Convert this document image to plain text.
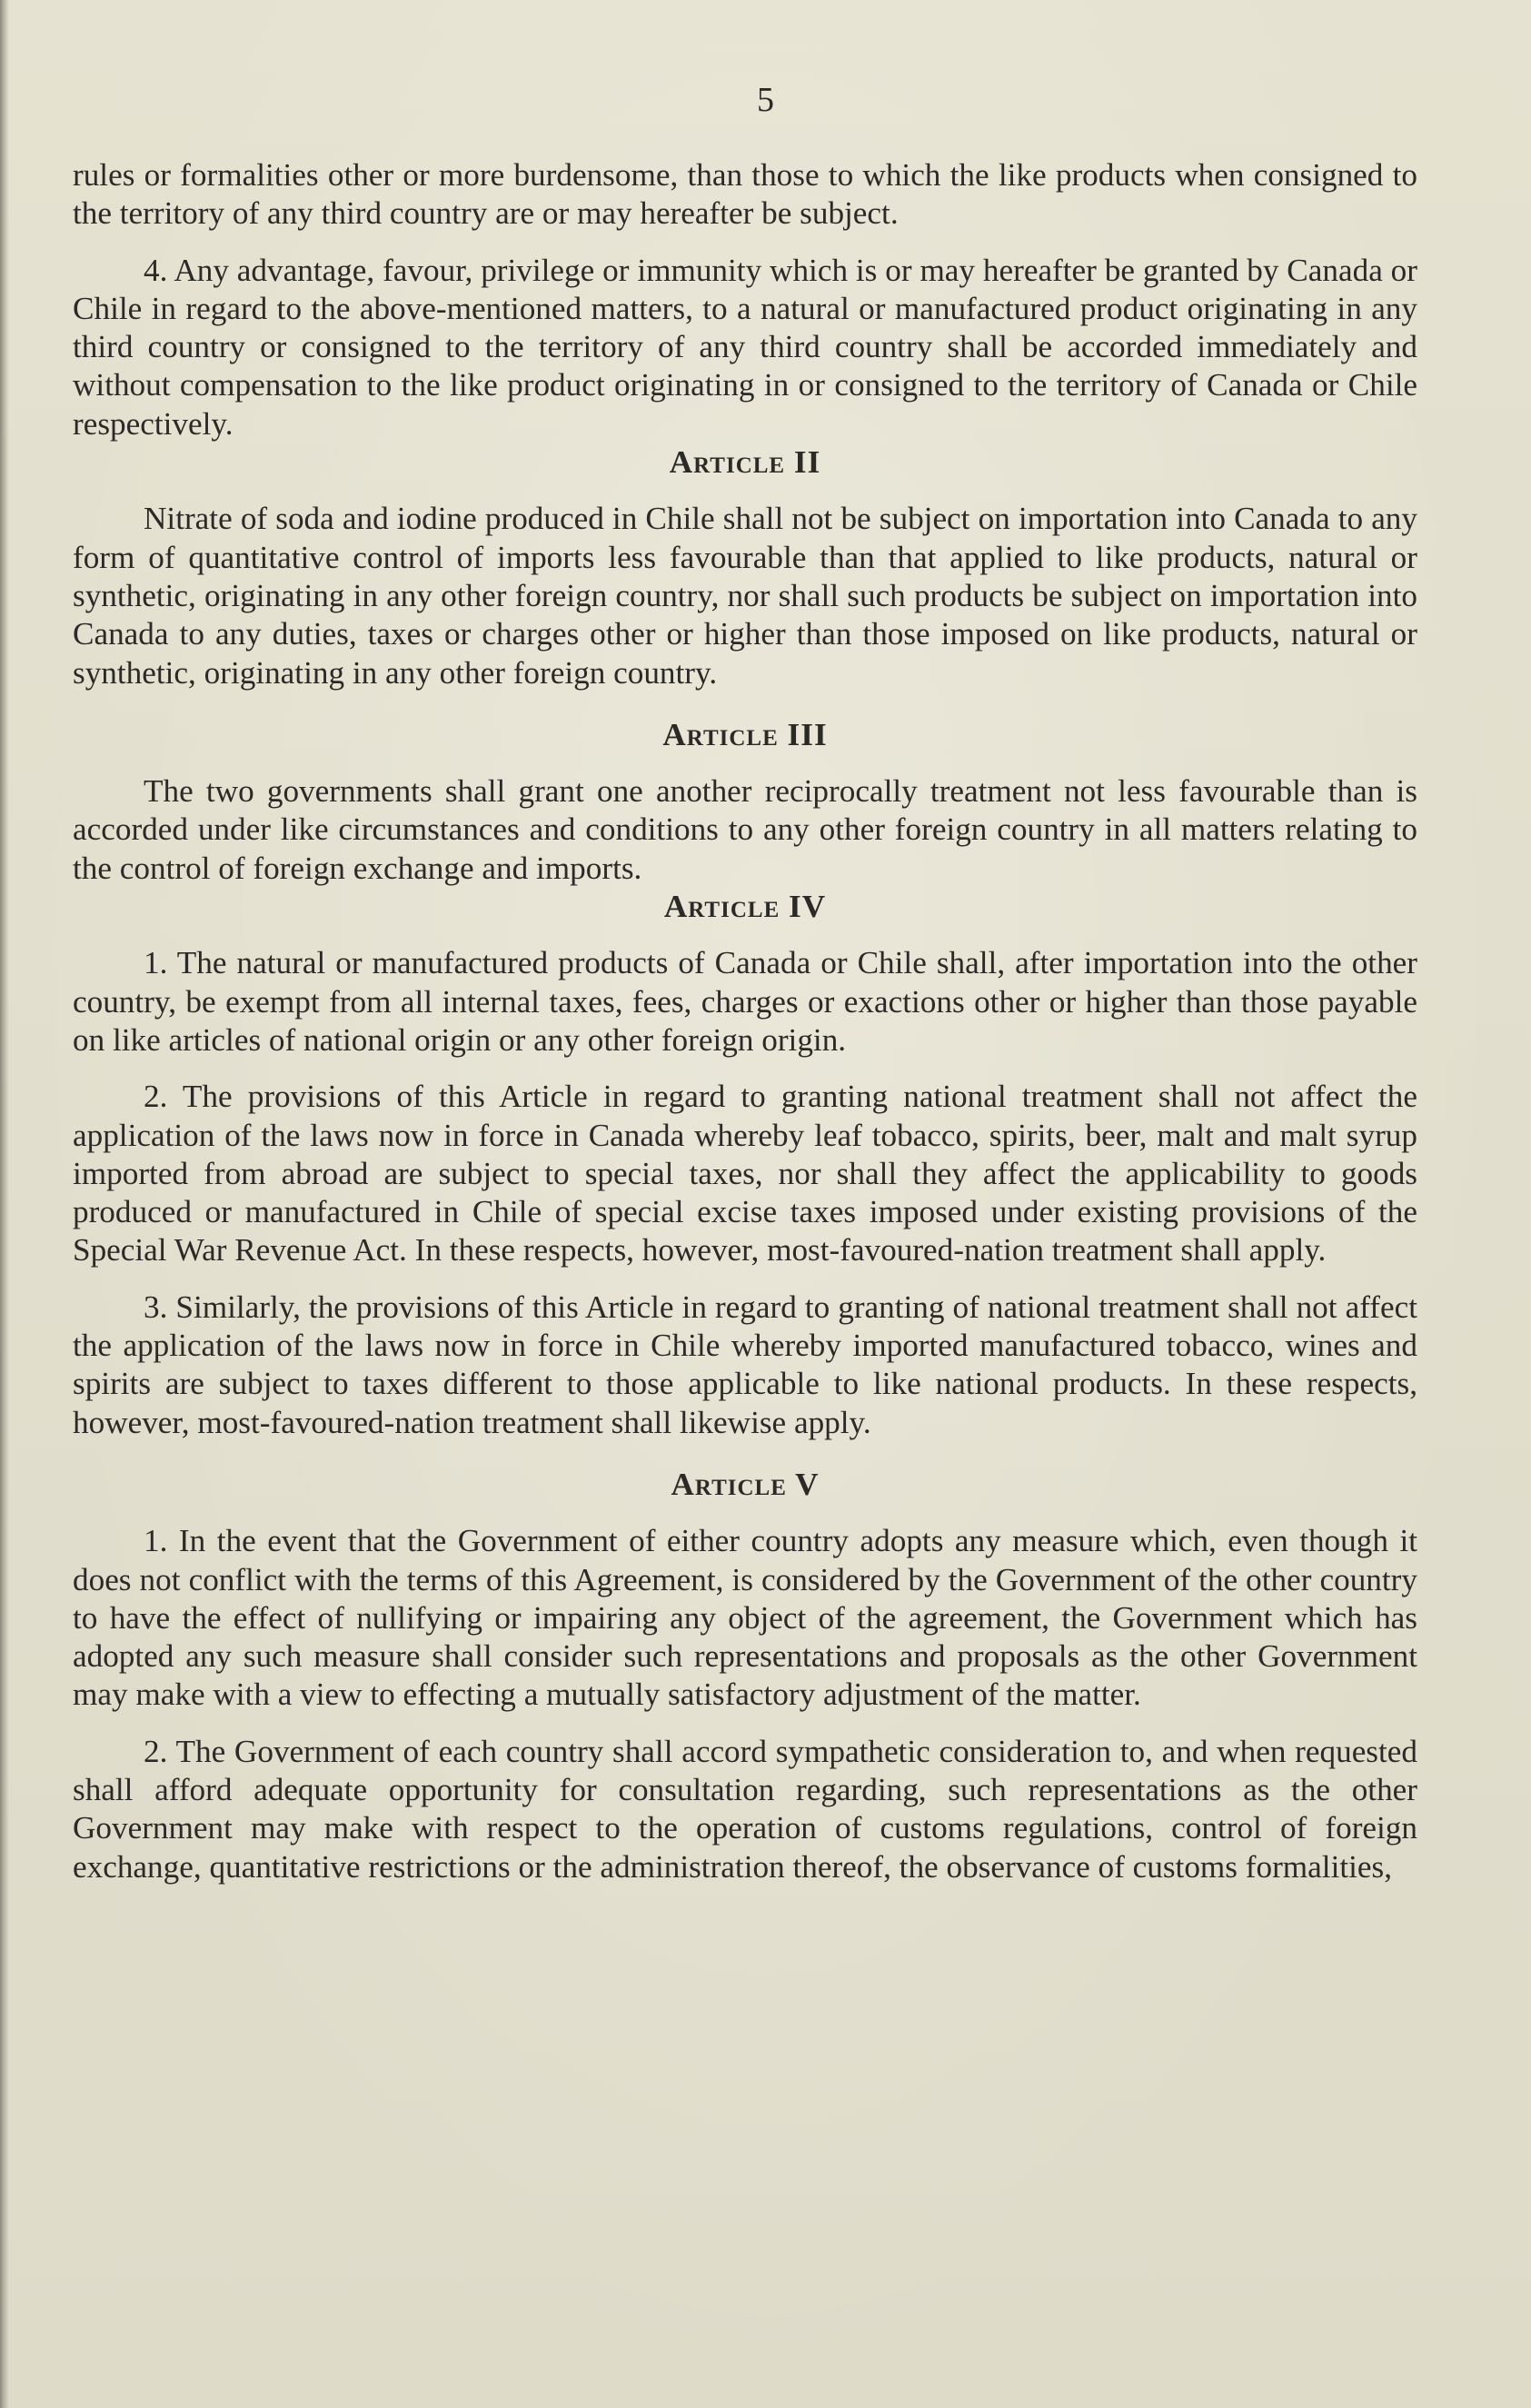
5

rules or formalities other or more burdensome, than those to which the like products when consigned to the territory of any third country are or may hereafter be subject.

4. Any advantage, favour, privilege or immunity which is or may hereafter be granted by Canada or Chile in regard to the above-mentioned matters, to a natural or manufactured product originating in any third country or consigned to the territory of any third country shall be accorded immediately and without compensation to the like product originating in or consigned to the territory of Canada or Chile respectively.

Article II

Nitrate of soda and iodine produced in Chile shall not be subject on importation into Canada to any form of quantitative control of imports less favourable than that applied to like products, natural or synthetic, originating in any other foreign country, nor shall such products be subject on importation into Canada to any duties, taxes or charges other or higher than those imposed on like products, natural or synthetic, originating in any other foreign country.

Article III

The two governments shall grant one another reciprocally treatment not less favourable than is accorded under like circumstances and conditions to any other foreign country in all matters relating to the control of foreign exchange and imports.

Article IV

1. The natural or manufactured products of Canada or Chile shall, after importation into the other country, be exempt from all internal taxes, fees, charges or exactions other or higher than those payable on like articles of national origin or any other foreign origin.

2. The provisions of this Article in regard to granting national treatment shall not affect the application of the laws now in force in Canada whereby leaf tobacco, spirits, beer, malt and malt syrup imported from abroad are subject to special taxes, nor shall they affect the applicability to goods produced or manufactured in Chile of special excise taxes imposed under existing provisions of the Special War Revenue Act. In these respects, however, most-favoured-nation treatment shall apply.

3. Similarly, the provisions of this Article in regard to granting of national treatment shall not affect the application of the laws now in force in Chile whereby imported manufactured tobacco, wines and spirits are subject to taxes different to those applicable to like national products. In these respects, however, most-favoured-nation treatment shall likewise apply.

Article V

1. In the event that the Government of either country adopts any measure which, even though it does not conflict with the terms of this Agreement, is considered by the Government of the other country to have the effect of nullifying or impairing any object of the agreement, the Government which has adopted any such measure shall consider such representations and proposals as the other Government may make with a view to effecting a mutually satisfactory adjustment of the matter.

2. The Government of each country shall accord sympathetic consideration to, and when requested shall afford adequate opportunity for consultation regarding, such representations as the other Government may make with respect to the operation of customs regulations, control of foreign exchange, quantitative restrictions or the administration thereof, the observance of customs formalities,
